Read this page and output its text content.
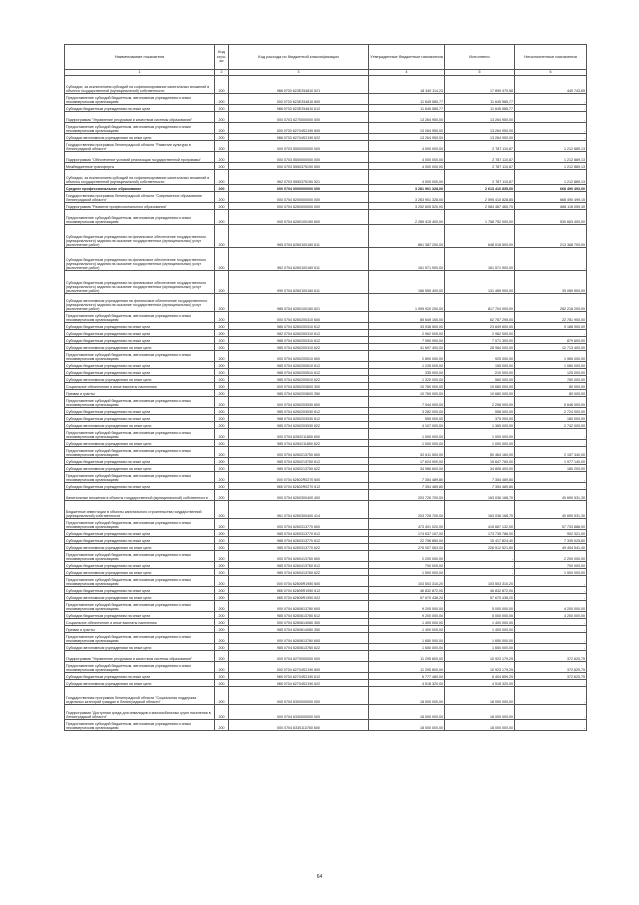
Наименование показателя	Код стро-ки	Код расхода по бюджетной классификации	Утвержденные бюджетные назначения	Исполнено	Неисполненные назначения
1	2	3	4	5	6
Субсидии, за исключением субсидий на софинансирование капитальных вложений в объекты государственной (муниципальной) собственности	200	988 0703 623E254810 521	18 340 114,23	17 899 370,58	440 743,65
Предоставление субсидий бюджетным, автономным учреждениям и иным некоммерческим организациям	200	000 0703 623E254810 600	11 645 585,77	11 645 585,77	-
Субсидии бюджетным учреждениям на иные цели	200	988 0703 623E254810 612	11 645 585,77	11 645 585,77	-
Подпрограмма "Управление ресурсами и качеством системы образования"	200	000 0703 6270000000 000	13 264 950,00	13 264 950,00	-
Предоставление субсидий бюджетным, автономным учреждениям и иным некоммерческим организациям	200	000 0703 62704S2190 600	13 264 950,00	13 264 950,00	-
Субсидии автономным учреждениям на иные цели	200	988 0703 62704S2190 622	13 264 950,00	13 264 950,00	-
Государственная программа Ленинградской области "Развитие культуры в Ленинградской области"	200	000 0703 5500000000 000	4 000 000,00	2 787 110,87	1 212 889,13
Подпрограмма "Обеспечение условий реализации государственной программы"	200	000 0703 5500000000 000	4 000 000,00	2 787 110,87	1 212 889,13
Межбюджетные трансферты	200	000 0703 5550375190 500	4 000 000,00	2 787 110,87	1 212 889,13
Субсидии, за исключением субсидий на софинансирование капитальных вложений в объекты государственной (муниципальной) собственности	200	962 0703 5550375190 521	4 000 000,00	2 787 110,87	1 212 889,13
Среднее профессиональное образование	200	000 0704 0000000000 000	3 281 901 328,00	2 613 410 835,00	668 490 493,00
Государственная программа Ленинградской области "Современное образование Ленинградской области"	200	000 0704 6200000000 000	3 263 901 328,00	2 595 410 828,85	668 490 499,15
Подпрограмма "Развитие профессионального образования"	200	000 0704 6260000000 000	3 252 605 520,00	2 584 487 460,70	668 118 059,30
Предоставление субсидий бюджетным, автономным учреждениям и иным некоммерческим организациям	200	000 0704 6260100160 600	2 289 415 400,00	1 758 752 000,00	530 663 400,00
Субсидии бюджетным учреждениям на финансовое обеспечение государственного (муниципального) задания на оказание государственных (муниципальных) услуг (выполнение работ)	200	965 0704 6260100160 611	861 387 200,00	648 018 500,00	213 368 700,00
Субсидии бюджетным учреждениям на финансовое обеспечение государственного (муниципального) задания на оказание государственных (муниципальных) услуг (выполнение работ)	200	962 0704 6260100160 611	161 571 900,00	161 571 900,00	-
Субсидии бюджетным учреждениям на финансовое обеспечение государственного (муниципального) задания на оказание государственных (муниципальных) услуг (выполнение работ)	200	990 0704 6260100160 611	166 555 400,00	131 465 900,00	35 089 500,00
Субсидии автономным учреждениям на финансовое обеспечение государственного (муниципального) задания на оказание государственных (муниципальных) услуг (выполнение работ)	200	985 0704 6260100160 621	1 099 920 200,00	817 704 000,00	282 216 200,00
Предоставление субсидий бюджетным, автономным учреждениям и иным некоммерческим организациям	200	000 0704 6260200310 600	85 649 160,00	62 787 295,00	22 781 900,00
Субсидии бюджетным учреждениям на иные цели	200	985 0704 6260200310 612	33 038 500,00	23 849 600,00	9 188 900,00
Субсидии бюджетным учреждениям на иные цели	200	982 0704 6260200310 612	2 962 000,00	2 962 000,00	-
Субсидии бюджетным учреждениям на иные цели	200	988 0704 6260200310 612	7 950 900,00	7 071 300,00	879 600,00
Субсидии автономным учреждениям на иные цели	200	985 0704 6260200310 622	41 697 400,00	28 984 000,00	12 713 400,00
Предоставление субсидий бюджетным, автономным учреждениям и иным некоммерческим организациям	200	000 0704 6260200510 600	2 890 000,00	925 000,00	1 965 000,00
Субсидии бюджетным учреждениям на иные цели	200	985 0704 6260200510 612	1 235 000,00	155 000,00	1 080 000,00
Субсидии бюджетным учреждениям на иные цели	200	988 0704 6260200510 612	335 000,00	210 000,00	125 000,00
Субсидии автономным учреждениям на иные цели	200	985 0704 6260200510 622	1 320 000,00	560 000,00	760 000,00
Социальное обеспечение и иные выплаты населению	200	000 0704 6260203600 300	10 760 000,00	10 680 000,00	80 000,00
Премии и гранты	200	985 0704 6260203600 350	10 760 000,00	10 680 000,00	80 000,00
Предоставление субсидий бюджетным, автономным учреждениям и иным некоммерческим организациям	200	000 0704 6260203930 600	7 944 000,00	2 298 000,00	5 646 000,00
Субсидии бюджетным учреждениям на иные цели	200	985 0704 6260203930 612	3 282 000,00	558 000,00	2 724 000,00
Субсидии бюджетным учреждениям на иные цели	200	988 0704 6260203930 612	555 000,00	375 000,00	180 000,00
Субсидии автономным учреждениям на иные цели	200	985 0704 6260203930 622	4 107 000,00	1 365 000,00	2 742 000,00
Предоставление субсидий бюджетным, автономным учреждениям и иным некоммерческим организациям	200	000 0704 6260211850 600	1 000 000,00	1 000 000,00	-
Субсидии автономным учреждениям на иные цели	200	985 0704 6260211850 622	1 000 000,00	1 000 000,00	-
Предоставление субсидий бюджетным, автономным учреждениям и иным некоммерческим организациям	200	000 0704 6260213750 600	52 611 500,00	50 464 160,00	2 157 340,00
Субсидии бюджетным учреждениям на иные цели	200	985 0704 6260213750 612	17 624 900,00	15 647 760,00	1 977 140,00
Субсидии автономным учреждениям на иные цели	200	985 0704 6260213750 622	34 986 600,00	34 806 400,00	180 200,00
Предоставление субсидий бюджетным, автономным учреждениям и иным некоммерческим организациям	200	000 0704 62602R0270 600	7 354 489,80	7 354 489,80	-
Субсидии бюджетным учреждениям на иные цели	200	985 0704 62602R0270 612	7 354 489,80	7 354 489,80	-
Капитальные вложения в объекты государственной (муниципальной) собственности	200	000 0704 6260300400 400	203 726 700,00	163 036 168,70	40 690 531,30
Бюджетные инвестиции в объекты капитального строительства государственной (муниципальной) собственности	200	961 0704 6260300400 414	203 726 700,00	163 036 168,70	40 690 531,30
Предоставление субсидий бюджетным, автономным учреждениям и иным некоммерческим организациям	200	000 0704 6260313770 600	473 401 020,00	415 667 132,00	57 733 888,00
Субсидии бюджетным учреждениям на иные цели	200	985 0704 6260313770 612	174 637 107,00	173 735 786,00	902 321,00
Субсидии бюджетным учреждениям на иные цели	200	988 0704 6260313770 612	22 756 850,00	15 417 824,40	7 339 025,60
Субсидии автономным учреждениям на иные цели	200	985 0704 6260313770 622	276 007 063,00	226 512 521,60	49 494 541,40
Предоставление субсидий бюджетным, автономным учреждениям и иным некоммерческим организациям	200	000 0704 6260413760 600	2 200 000,00	-	2 200 000,00
Субсидии бюджетным учреждениям на иные цели	200	985 0704 6260413760 612	700 000,00	-	700 000,00
Субсидии автономным учреждениям на иные цели	200	985 0704 6260413760 622	1 500 000,00	-	1 500 000,00
Предоставление субсидий бюджетным, автономным учреждениям и иным некоммерческим организациям	200	000 0704 62605R1950 600	103 503 310,20	103 503 310,20	-
Субсидии бюджетным учреждениям на иные цели	200	985 0704 62605R1950 612	46 832 872,00	46 832 872,00	-
Субсидии автономным учреждениям на иные цели	200	985 0704 62605R1950 622	57 670 438,20	57 670 438,20	-
Предоставление субсидий бюджетным, автономным учреждениям и иным некоммерческим организациям	200	000 0704 6260613780 600	9 200 000,00	5 000 000,00	4 200 000,00
Субсидии бюджетным учреждениям на иные цели	200	985 0704 6260613780 612	9 200 000,00	5 000 000,00	4 200 000,00
Социальное обеспечение и иные выплаты населению	200	000 0704 6260614080 300	1 400 000,00	1 400 000,00	-
Премии и гранты	200	985 0704 6260614080 350	1 400 000,00	1 400 000,00	-
Предоставление субсидий бюджетным, автономным учреждениям и иным некоммерческим организациям	200	000 0704 6260613760 600	1 650 000,00	1 650 000,00	-
Субсидии автономным учреждениям на иные цели	200	985 0704 6260613760 622	1 650 000,00	1 650 000,00	-
Подпрограмма "Управление ресурсами и качеством системы образования"	200	000 0704 6270000000 000	11 295 800,00	10 923 179,25	372 620,75
Предоставление субсидий бюджетным, автономным учреждениям и иным некоммерческим организациям	200	000 0704 62704S2190 600	11 295 800,00	10 923 179,25	372 620,75
Субсидии бюджетным учреждениям на иные цели	200	985 0704 62704S2190 612	6 777 480,00	6 404 859,25	372 620,75
Субсидии автономным учреждениям на иные цели	200	985 0704 62704S2190 622	4 518 320,00	4 518 320,00	-
Государственная программа Ленинградской области "Социальная поддержка отдельных категорий граждан в Ленинградской области"	200	000 0704 6300000000 000	18 000 000,00	18 000 000,00	-
Подпрограмма "Доступная среда для инвалидов и маломобильных групп населения в Ленинградской области"	200	000 0704 6330000000 000	18 000 000,00	18 000 000,00	-
Предоставление субсидий бюджетным, автономным учреждениям и иным некоммерческим организациям	200	000 0704 6330113760 600	18 000 000,00	18 000 000,00	-
64
